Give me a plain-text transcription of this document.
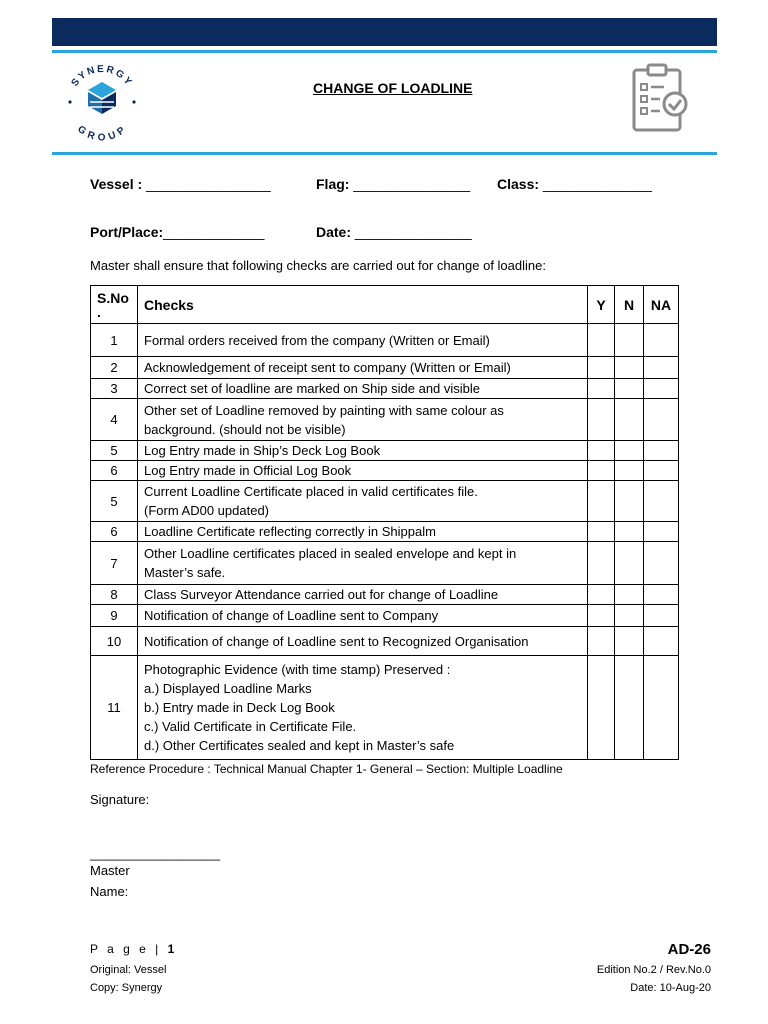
SYNERGY
GROUP
CHANGE OF LOADLINE
Vessel : ________________	Flag: _______________ Class: ______________
Port/Place:_____________	Date: _______________
Master shall ensure that following checks are carried out for change of loadline:
S.No
.	Checks	Y	N	NA
1	Formal orders received from the company (Written or Email)			
2	Acknowledgement of receipt sent to company (Written or Email)			
3	Correct set of loadline are marked on Ship side and visible			
4	Other set of Loadline removed by painting with same colour as
background. (should not be visible)			
5	Log Entry made in Ship’s Deck Log Book			
6	Log Entry made in Official Log Book			
5	Current Loadline Certificate placed in valid certificates file.
(Form AD00 updated)			
6	Loadline Certificate reflecting correctly in Shippalm			
7	Other Loadline certificates placed in sealed envelope and kept in
Master’s safe.			
8	Class Surveyor Attendance carried out for change of Loadline			
9	Notification of change of Loadline sent to Company			
10	Notification of change of Loadline sent to Recognized Organisation			
11	Photographic Evidence (with time stamp) Preserved :
a.) Displayed Loadline Marks
b.) Entry made in Deck Log Book
c.) Valid Certificate in Certificate File.
d.) Other Certificates sealed and kept in Master’s safe			
Reference Procedure : Technical Manual Chapter 1- General – Section: Multiple Loadline
Signature:
__________________
Master
Name:
P a g e | 1
Original: Vessel
Copy: Synergy
AD-26
Edition No.2 / Rev.No.0
Date: 10-Aug-20
